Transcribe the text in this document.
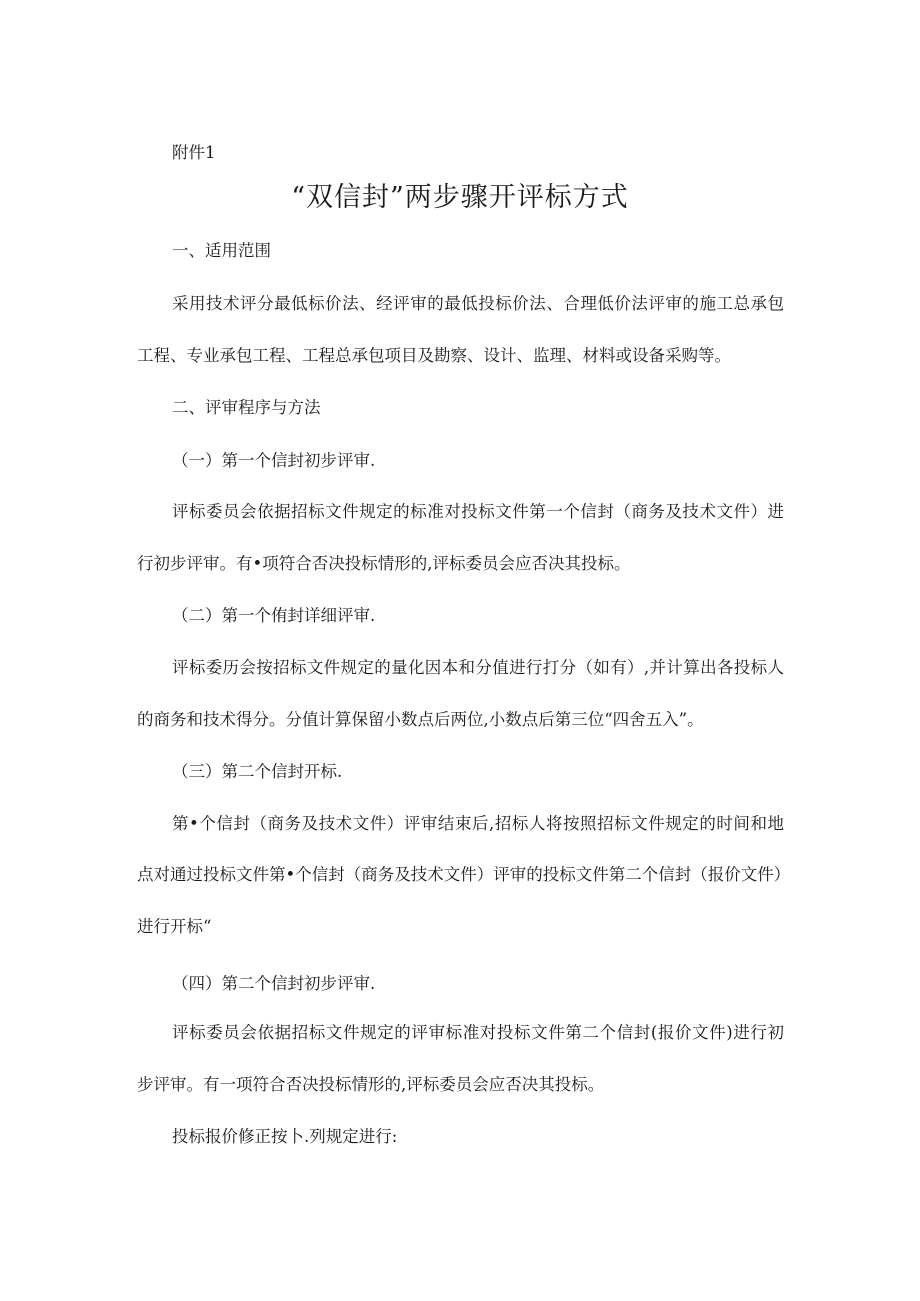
附件1
“双信封”两步骤开评标方式
一、适用范围
采用技术评分最低标价法、经评审的最低投标价法、合理低价法评审的施工总承包
工程、专业承包工程、工程总承包项目及勘察、设计、监理、材料或设备采购等。
二、评审程序与方法
（一）第一个信封初步评审.
评标委员会依据招标文件规定的标准对投标文件第一个信封（商务及技术文件）进
行初步评审。有•项符合否决投标情形的,评标委员会应否决其投标。
（二）第一个侑封详细评审.
评标委历会按招标文件规定的量化因本和分值进行打分（如有）,并计算出各投标人
的商务和技术得分。分值计算保留小数点后两位,小数点后第三位“四舍五入”。
（三）第二个信封开标.
第•个信封（商务及技术文件）评审结束后,招标人将按照招标文件规定的时间和地
点对通过投标文件第•个信封（商务及技术文件）评审的投标文件第二个信封（报价文件）
进行开标“
（四）第二个信封初步评审.
评标委员会依据招标文件规定的评审标准对投标文件第二个信封(报价文件)进行初
步评审。有一项符合否决投标情形的,评标委员会应否决其投标。
投标报价修正按卜.列规定进行:
